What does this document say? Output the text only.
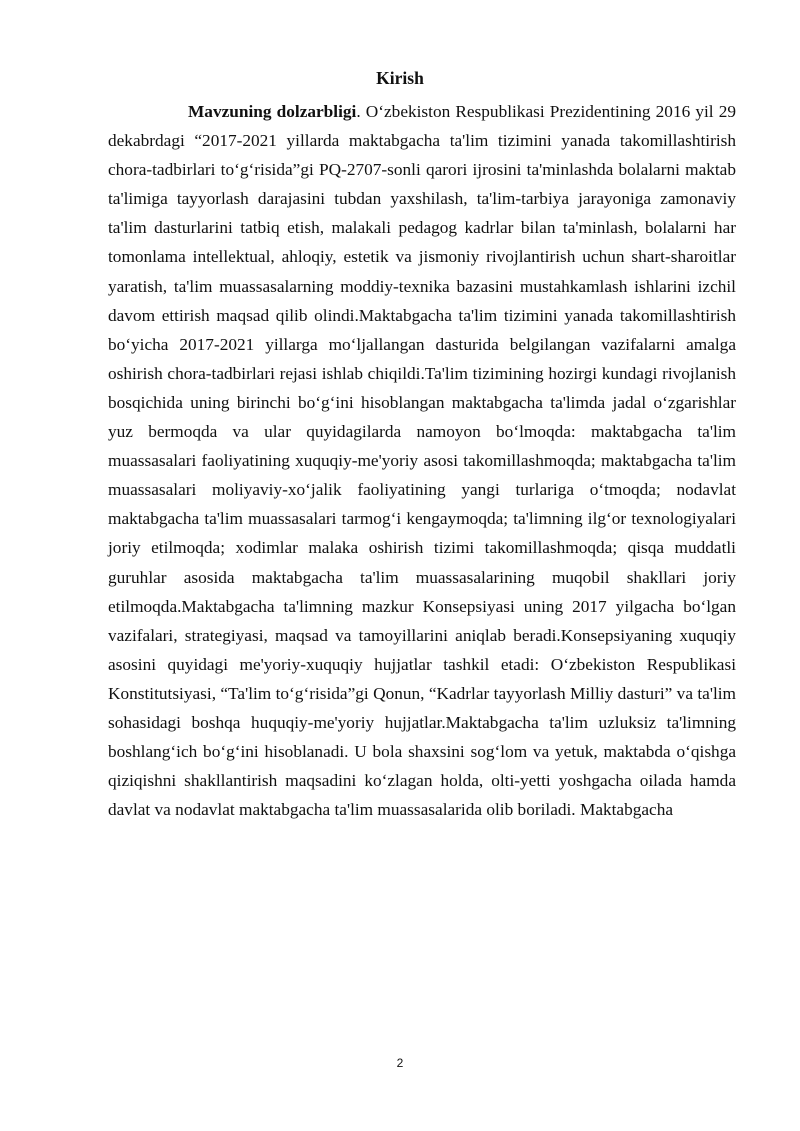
Kirish

Mavzuning dolzarbligi. O‘zbekiston Respublikasi Prezidentining 2016 yil 29 dekabrdagi “2017-2021 yillarda maktabgacha ta'lim tizimini yanada takomillashtirish chora-tadbirlari to‘g‘risida”gi PQ-2707-sonli qarori ijrosini ta'minlashda bolalarni maktab ta'limiga tayyorlash darajasini tubdan yaxshilash, ta'lim-tarbiya jarayoniga zamonaviy ta'lim dasturlarini tatbiq etish, malakali pedagog kadrlar bilan ta'minlash, bolalarni har tomonlama intellektual, ahloqiy, estetik va jismoniy rivojlantirish uchun shart-sharoitlar yaratish, ta'lim muassasalarning moddiy-texnika bazasini mustahkamlash ishlarini izchil davom ettirish maqsad qilib olindi.Maktabgacha ta'lim tizimini yanada takomillashtirish bo‘yicha 2017-2021 yillarga mo‘ljallangan dasturida belgilangan vazifalarni amalga oshirish chora-tadbirlari rejasi ishlab chiqildi.Ta'lim tizimining hozirgi kundagi rivojlanish bosqichida uning birinchi bo‘g‘ini hisoblangan maktabgacha ta'limda jadal o‘zgarishlar yuz bermoqda va ular quyidagilarda namoyon bo‘lmoqda: maktabgacha ta'lim muassasalari faoliyatining xuquqiy-me'yoriy asosi takomillashmoqda; maktabgacha ta'lim muassasalari moliyaviy-xo‘jalik faoliyatining yangi turlariga o‘tmoqda; nodavlat maktabgacha ta'lim muassasalari tarmog‘i kengaymoqda; ta'limning ilg‘or texnologiyalari joriy etilmoqda; xodimlar malaka oshirish tizimi takomillashmoqda; qisqa muddatli guruhlar asosida maktabgacha ta'lim muassasalarining muqobil shakllari joriy etilmoqda.Maktabgacha ta'limning mazkur Konsepsiyasi uning 2017 yilgacha bo‘lgan vazifalari, strategiyasi, maqsad va tamoyillarini aniqlab beradi.Konsepsiyaning xuquqiy asosini quyidagi me'yoriy-xuquqiy hujjatlar tashkil etadi: O‘zbekiston Respublikasi Konstitutsiyasi, “Ta'lim to‘g‘risida”gi Qonun, “Kadrlar tayyorlash Milliy dasturi” va ta'lim sohasidagi boshqa huquqiy-me'yoriy hujjatlar.Maktabgacha ta'lim uzluksiz ta'limning boshlang‘ich bo‘g‘ini hisoblanadi. U bola shaxsini sog‘lom va yetuk, maktabda o‘qishga qiziqishni shakllantirish maqsadini ko‘zlagan holda, olti-yetti yoshgacha oilada hamda davlat va nodavlat maktabgacha ta'lim muassasalarida olib boriladi. Maktabgacha

2
